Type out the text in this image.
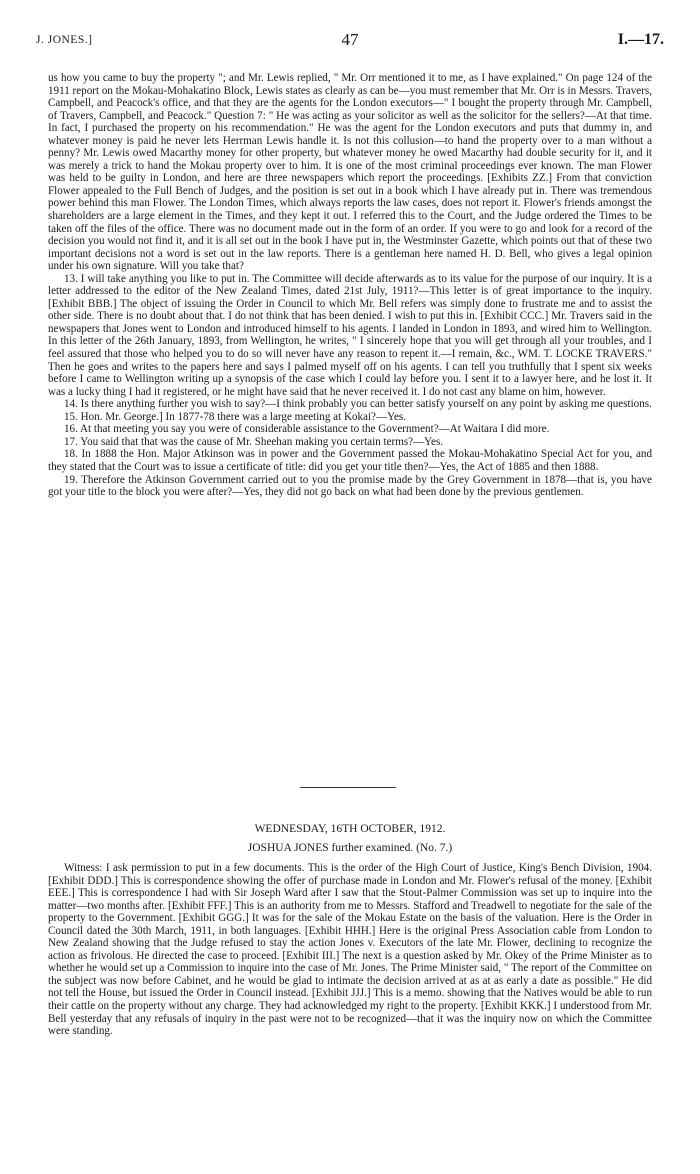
J. JONES.]	47	I.—17.

us how you came to buy the property "; and Mr. Lewis replied, " Mr. Orr mentioned it to me, as I have explained." On page 124 of the 1911 report on the Mokau-Mohakatino Block, Lewis states as clearly as can be—you must remember that Mr. Orr is in Messrs. Travers, Campbell, and Peacock's office, and that they are the agents for the London executors—" I bought the property through Mr. Campbell, of Travers, Campbell, and Peacock." Question 7: " He was acting as your solicitor as well as the solicitor for the sellers?—At that time. In fact, I purchased the property on his recommendation." He was the agent for the London executors and puts that dummy in, and whatever money is paid he never lets Herrman Lewis handle it. Is not this collusion—to hand the property over to a man without a penny? Mr. Lewis owed Macarthy money for other property, but whatever money he owed Macarthy had double security for it, and it was merely a trick to hand the Mokau property over to him. It is one of the most criminal proceedings ever known. The man Flower was held to be guilty in London, and here are three newspapers which report the proceedings. [Exhibits ZZ.] From that conviction Flower appealed to the Full Bench of Judges, and the position is set out in a book which I have already put in. There was tremendous power behind this man Flower. The London Times, which always reports the law cases, does not report it. Flower's friends amongst the shareholders are a large element in the Times, and they kept it out. I referred this to the Court, and the Judge ordered the Times to be taken off the files of the office. There was no document made out in the form of an order. If you were to go and look for a record of the decision you would not find it, and it is all set out in the book I have put in, the Westminster Gazette, which points out that of these two important decisions not a word is set out in the law reports. There is a gentleman here named H. D. Bell, who gives a legal opinion under his own signature. Will you take that?

13. I will take anything you like to put in. The Committee will decide afterwards as to its value for the purpose of our inquiry. It is a letter addressed to the editor of the New Zealand Times, dated 21st July, 1911?—This letter is of great importance to the inquiry. [Exhibit BBB.] The object of issuing the Order in Council to which Mr. Bell refers was simply done to frustrate me and to assist the other side. There is no doubt about that. I do not think that has been denied. I wish to put this in. [Exhibit CCC.] Mr. Travers said in the newspapers that Jones went to London and introduced himself to his agents. I landed in London in 1893, and wired him to Wellington. In this letter of the 26th January, 1893, from Wellington, he writes, " I sincerely hope that you will get through all your troubles, and I feel assured that those who helped you to do so will never have any reason to repent it.—I remain, &c., WM. T. LOCKE TRAVERS." Then he goes and writes to the papers here and says I palmed myself off on his agents. I can tell you truthfully that I spent six weeks before I came to Wellington writing up a synopsis of the case which I could lay before you. I sent it to a lawyer here, and he lost it. It was a lucky thing I had it registered, or he might have said that he never received it. I do not cast any blame on him, however.

14. Is there anything further you wish to say?—I think probably you can better satisfy yourself on any point by asking me questions.

15. Hon. Mr. George.] In 1877-78 there was a large meeting at Kokai?—Yes.

16. At that meeting you say you were of considerable assistance to the Government?—At Waitara I did more.

17. You said that that was the cause of Mr. Sheehan making you certain terms?—Yes.

18. In 1888 the Hon. Major Atkinson was in power and the Government passed the Mokau-Mohakatino Special Act for you, and they stated that the Court was to issue a certificate of title: did you get your title then?—Yes, the Act of 1885 and then 1888.

19. Therefore the Atkinson Government carried out to you the promise made by the Grey Government in 1878—that is, you have got your title to the block you were after?—Yes, they did not go back on what had been done by the previous gentlemen.

WEDNESDAY, 16TH OCTOBER, 1912.
JOSHUA JONES further examined. (No. 7.)

Witness: I ask permission to put in a few documents. This is the order of the High Court of Justice, King's Bench Division, 1904. [Exhibit DDD.] This is correspondence showing the offer of purchase made in London and Mr. Flower's refusal of the money. [Exhibit EEE.] This is correspondence I had with Sir Joseph Ward after I saw that the Stout-Palmer Commission was set up to inquire into the matter—two months after. [Exhibit FFF.] This is an authority from me to Messrs. Stafford and Treadwell to negotiate for the sale of the property to the Government. [Exhibit GGG.] It was for the sale of the Mokau Estate on the basis of the valuation. Here is the Order in Council dated the 30th March, 1911, in both languages. [Exhibit HHH.] Here is the original Press Association cable from London to New Zealand showing that the Judge refused to stay the action Jones v. Executors of the late Mr. Flower, declining to recognize the action as frivolous. He directed the case to proceed. [Exhibit III.] The next is a question asked by Mr. Okey of the Prime Minister as to whether he would set up a Commission to inquire into the case of Mr. Jones. The Prime Minister said, " The report of the Committee on the subject was now before Cabinet, and he would be glad to intimate the decision arrived at as at as early a date as possible." He did not tell the House, but issued the Order in Council instead. [Exhibit JJJ.] This is a memo. showing that the Natives would be able to run their cattle on the property without any charge. They had acknowledged my right to the property. [Exhibit KKK.] I understood from Mr. Bell yesterday that any refusals of inquiry in the past were not to be recognized—that it was the inquiry now on which the Committee were standing.
